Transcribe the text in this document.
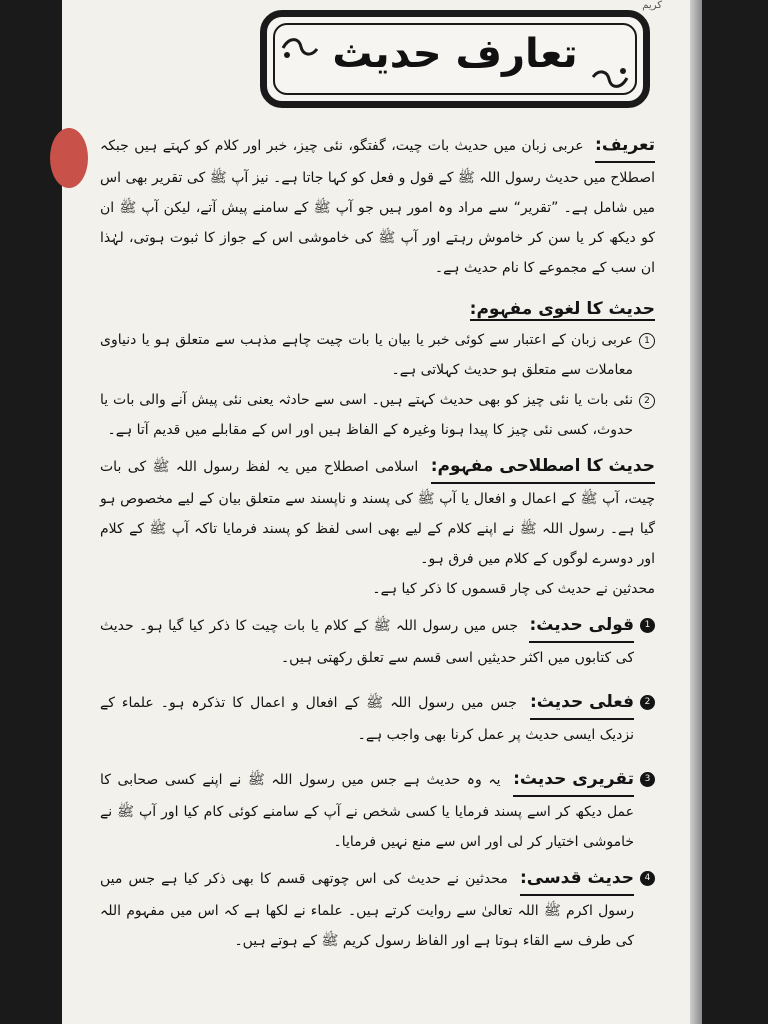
كريم
تعارف حدیث

تعریف: عربی زبان میں حدیث بات چیت، گفتگو، نئی چیز، خبر اور کلام کو کہتے ہیں جبکہ اصطلاح میں حدیث رسول اللہ ﷺ کے قول و فعل کو کہا جاتا ہے۔ نیز آپ ﷺ کی تقریر بھی اس میں شامل ہے۔ ”تقریر“ سے مراد وہ امور ہیں جو آپ ﷺ کے سامنے پیش آتے، لیکن آپ ﷺ ان کو دیکھ کر یا سن کر خاموش رہتے اور آپ ﷺ کی خاموشی اس کے جواز کا ثبوت ہوتی، لہٰذا ان سب کے مجموعے کا نام حدیث ہے۔

حدیث کا لغوی مفہوم:

1

عربی زبان کے اعتبار سے کوئی خبر یا بیان یا بات چیت چاہے مذہب سے متعلق ہو یا دنیاوی معاملات سے متعلق ہو حدیث کہلاتی ہے۔

2

نئی بات یا نئی چیز کو بھی حدیث کہتے ہیں۔ اسی سے حادثہ یعنی نئی پیش آنے والی بات یا حدوث، کسی نئی چیز کا پیدا ہونا وغیرہ کے الفاظ ہیں اور اس کے مقابلے میں قدیم آتا ہے۔

حدیث کا اصطلاحی مفہوم: اسلامی اصطلاح میں یہ لفظ رسول اللہ ﷺ کی بات چیت، آپ ﷺ کے اعمال و افعال یا آپ ﷺ کی پسند و ناپسند سے متعلق بیان کے لیے مخصوص ہو گیا ہے۔ رسول اللہ ﷺ نے اپنے کلام کے لیے بھی اسی لفظ کو پسند فرمایا تاکہ آپ ﷺ کے کلام اور دوسرے لوگوں کے کلام میں فرق ہو۔

محدثین نے حدیث کی چار قسموں کا ذکر کیا ہے۔

1

قولی حدیث: جس میں رسول اللہ ﷺ کے کلام یا بات چیت کا ذکر کیا گیا ہو۔ حدیث کی کتابوں میں اکثر حدیثیں اسی قسم سے تعلق رکھتی ہیں۔

2

فعلی حدیث: جس میں رسول اللہ ﷺ کے افعال و اعمال کا تذکرہ ہو۔ علماء کے نزدیک ایسی حدیث پر عمل کرنا بھی واجب ہے۔

3

تقریری حدیث: یہ وہ حدیث ہے جس میں رسول اللہ ﷺ نے اپنے کسی صحابی کا عمل دیکھ کر اسے پسند فرمایا یا کسی شخص نے آپ کے سامنے کوئی کام کیا اور آپ ﷺ نے خاموشی اختیار کر لی اور اس سے منع نہیں فرمایا۔

4

حدیث قدسی: محدثین نے حدیث کی اس چوتھی قسم کا بھی ذکر کیا ہے جس میں رسول اکرم ﷺ اللہ تعالیٰ سے روایت کرتے ہیں۔ علماء نے لکھا ہے کہ اس میں مفہوم اللہ کی طرف سے القاء ہوتا ہے اور الفاظ رسول کریم ﷺ کے ہوتے ہیں۔
